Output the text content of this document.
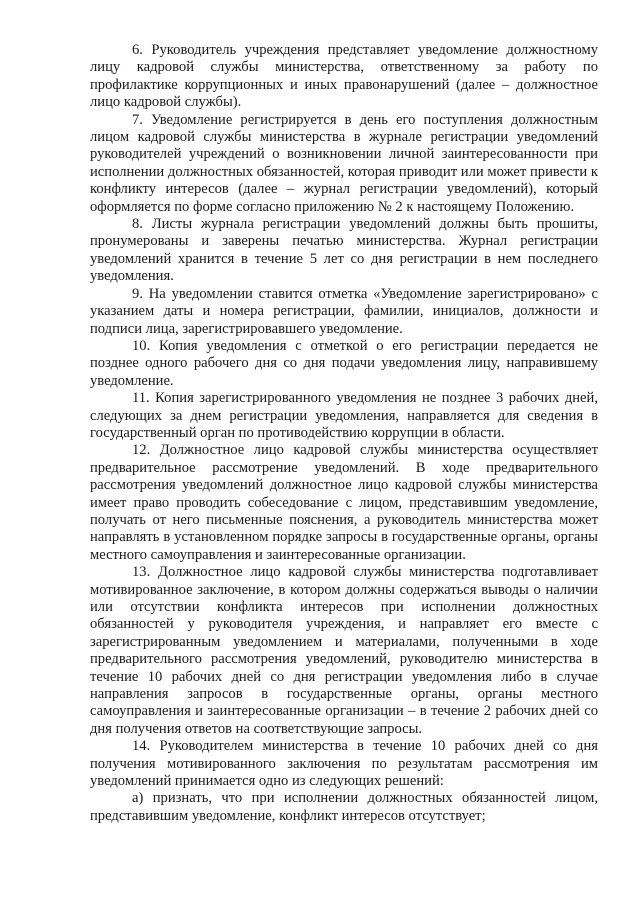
6. Руководитель учреждения представляет уведомление должностному лицу кадровой службы министерства, ответственному за работу по профилактике коррупционных и иных правонарушений (далее – должностное лицо кадровой службы).

7. Уведомление регистрируется в день его поступления должностным лицом кадровой службы министерства в журнале регистрации уведомлений руководителей учреждений о возникновении личной заинтересованности при исполнении должностных обязанностей, которая приводит или может привести к конфликту интересов (далее – журнал регистрации уведомлений), который оформляется по форме согласно приложению № 2 к настоящему Положению.

8. Листы журнала регистрации уведомлений должны быть прошиты, пронумерованы и заверены печатью министерства. Журнал регистрации уведомлений хранится в течение 5 лет со дня регистрации в нем последнего уведомления.

9. На уведомлении ставится отметка «Уведомление зарегистрировано» с указанием даты и номера регистрации, фамилии, инициалов, должности и подписи лица, зарегистрировавшего уведомление.

10. Копия уведомления с отметкой о его регистрации передается не позднее одного рабочего дня со дня подачи уведомления лицу, направившему уведомление.

11. Копия зарегистрированного уведомления не позднее 3 рабочих дней, следующих за днем регистрации уведомления, направляется для сведения в государственный орган по противодействию коррупции в области.

12. Должностное лицо кадровой службы министерства осуществляет предварительное рассмотрение уведомлений. В ходе предварительного рассмотрения уведомлений должностное лицо кадровой службы министерства имеет право проводить собеседование с лицом, представившим уведомление, получать от него письменные пояснения, а руководитель министерства может направлять в установленном порядке запросы в государственные органы, органы местного самоуправления и заинтересованные организации.

13. Должностное лицо кадровой службы министерства подготавливает мотивированное заключение, в котором должны содержаться выводы о наличии или отсутствии конфликта интересов при исполнении должностных обязанностей у руководителя учреждения, и направляет его вместе с зарегистрированным уведомлением и материалами, полученными в ходе предварительного рассмотрения уведомлений, руководителю министерства в течение 10 рабочих дней со дня регистрации уведомления либо в случае направления запросов в государственные органы, органы местного самоуправления и заинтересованные организации – в течение 2 рабочих дней со дня получения ответов на соответствующие запросы.

14. Руководителем министерства в течение 10 рабочих дней со дня получения мотивированного заключения по результатам рассмотрения им уведомлений принимается одно из следующих решений:

а) признать, что при исполнении должностных обязанностей лицом, представившим уведомление, конфликт интересов отсутствует;
